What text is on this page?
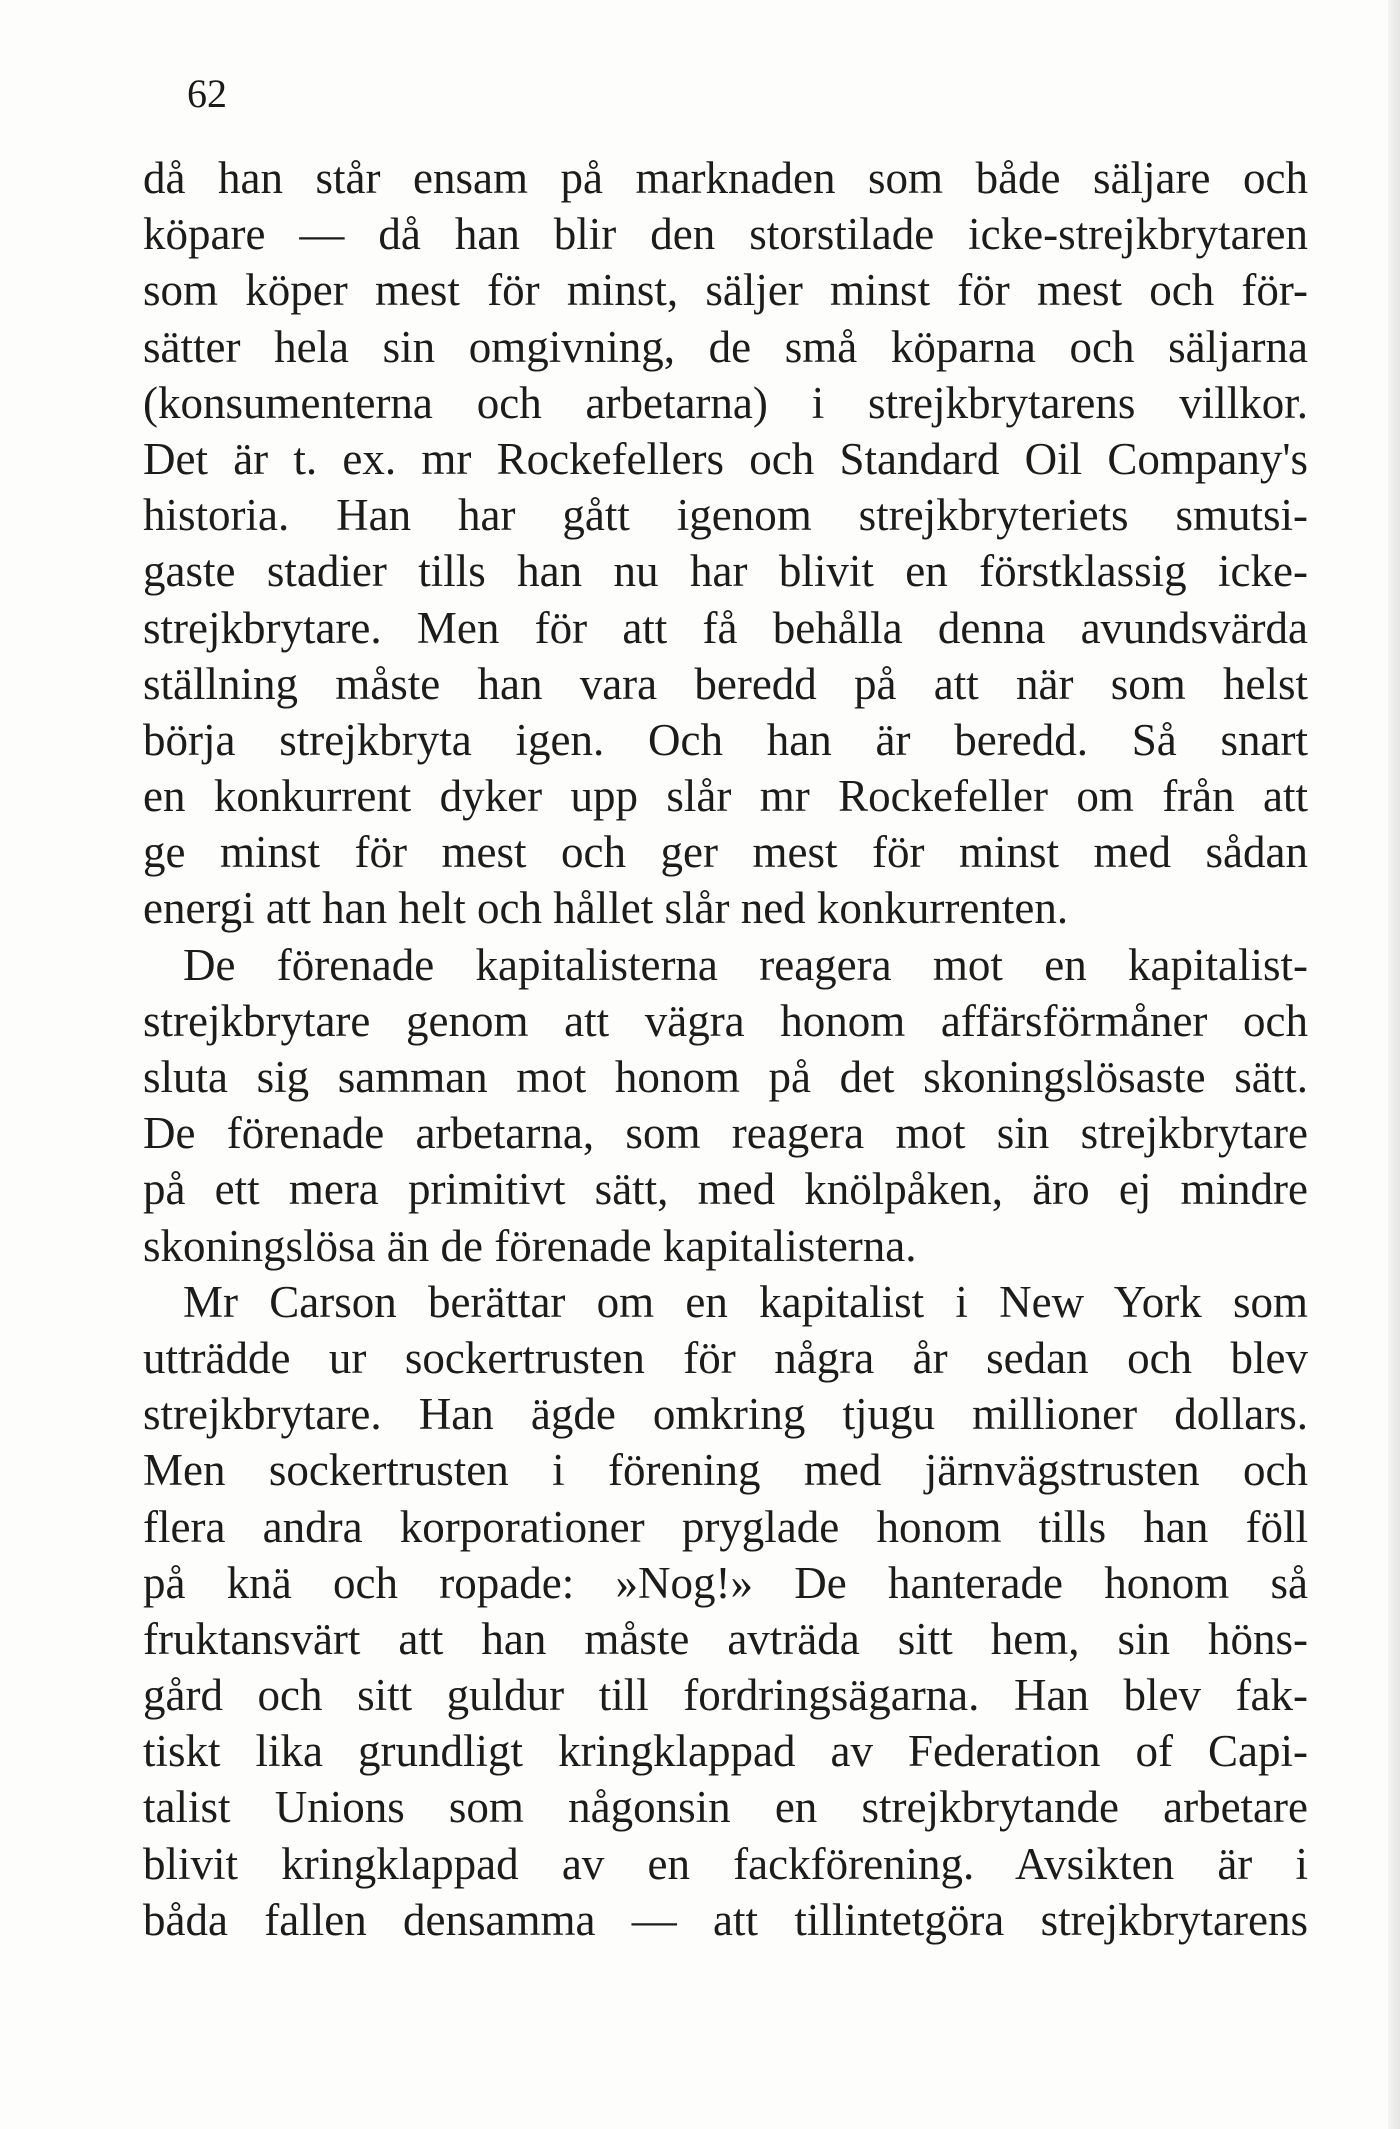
62
då han står ensam på marknaden som både säljare och
köpare — då han blir den storstilade icke-strejkbrytaren
som köper mest för minst, säljer minst för mest och för-
sätter hela sin omgivning, de små köparna och säljarna
(konsumenterna och arbetarna) i strejkbrytarens villkor.
Det är t. ex. mr Rockefellers och Standard Oil Company's
historia. Han har gått igenom strejkbryteriets smutsi-
gaste stadier tills han nu har blivit en förstklassig icke-
strejkbrytare. Men för att få behålla denna avundsvärda
ställning måste han vara beredd på att när som helst
börja strejkbryta igen. Och han är beredd. Så snart
en konkurrent dyker upp slår mr Rockefeller om från att
ge minst för mest och ger mest för minst med sådan
energi att han helt och hållet slår ned konkurrenten.
De förenade kapitalisterna reagera mot en kapitalist-
strejkbrytare genom att vägra honom affärsförmåner och
sluta sig samman mot honom på det skoningslösaste sätt.
De förenade arbetarna, som reagera mot sin strejkbrytare
på ett mera primitivt sätt, med knölpåken, äro ej mindre
skoningslösa än de förenade kapitalisterna.
Mr Carson berättar om en kapitalist i New York som
utträdde ur sockertrusten för några år sedan och blev
strejkbrytare. Han ägde omkring tjugu millioner dollars.
Men sockertrusten i förening med järnvägstrusten och
flera andra korporationer pryglade honom tills han föll
på knä och ropade: »Nog!» De hanterade honom så
fruktansvärt att han måste avträda sitt hem, sin höns-
gård och sitt guldur till fordringsägarna. Han blev fak-
tiskt lika grundligt kringklappad av Federation of Capi-
talist Unions som någonsin en strejkbrytande arbetare
blivit kringklappad av en fackförening. Avsikten är i
båda fallen densamma — att tillintetgöra strejkbrytarens
